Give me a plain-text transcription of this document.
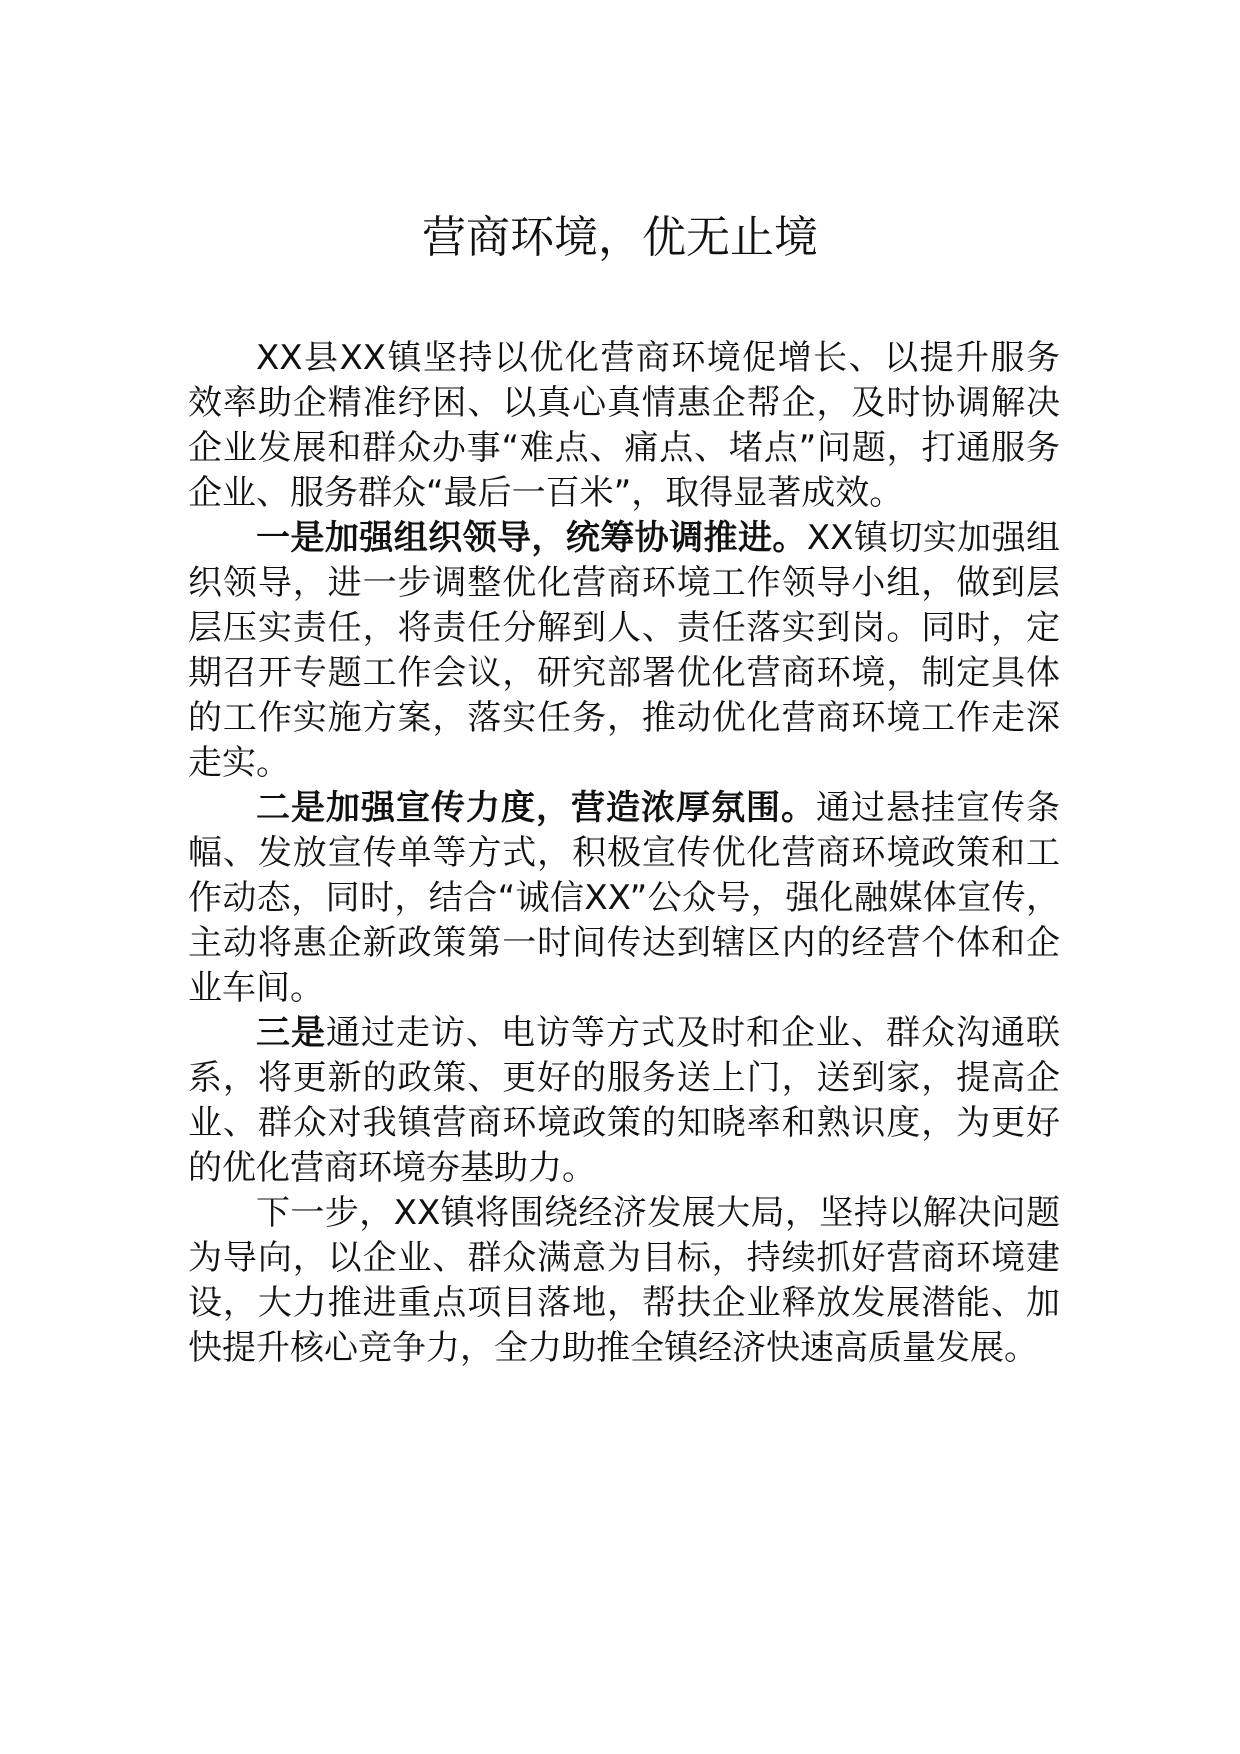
营商环境，优无止境

XX县XX镇坚持以优化营商环境促增长、以提升服务效率助企精准纾困、以真心真情惠企帮企，及时协调解决企业发展和群众办事“难点、痛点、堵点”问题，打通服务企业、服务群众“最后一百米”，取得显著成效。

一是加强组织领导，统筹协调推进。XX镇切实加强组织领导，进一步调整优化营商环境工作领导小组，做到层层压实责任，将责任分解到人、责任落实到岗。同时，定期召开专题工作会议，研究部署优化营商环境，制定具体的工作实施方案，落实任务，推动优化营商环境工作走深走实。

二是加强宣传力度，营造浓厚氛围。通过悬挂宣传条幅、发放宣传单等方式，积极宣传优化营商环境政策和工作动态，同时，结合“诚信XX”公众号，强化融媒体宣传，主动将惠企新政策第一时间传达到辖区内的经营个体和企业车间。

三是通过走访、电访等方式及时和企业、群众沟通联系，将更新的政策、更好的服务送上门，送到家，提高企业、群众对我镇营商环境政策的知晓率和熟识度，为更好的优化营商环境夯基助力。

下一步，XX镇将围绕经济发展大局，坚持以解决问题为导向，以企业、群众满意为目标，持续抓好营商环境建设，大力推进重点项目落地，帮扶企业释放发展潜能、加快提升核心竞争力，全力助推全镇经济快速高质量发展。
